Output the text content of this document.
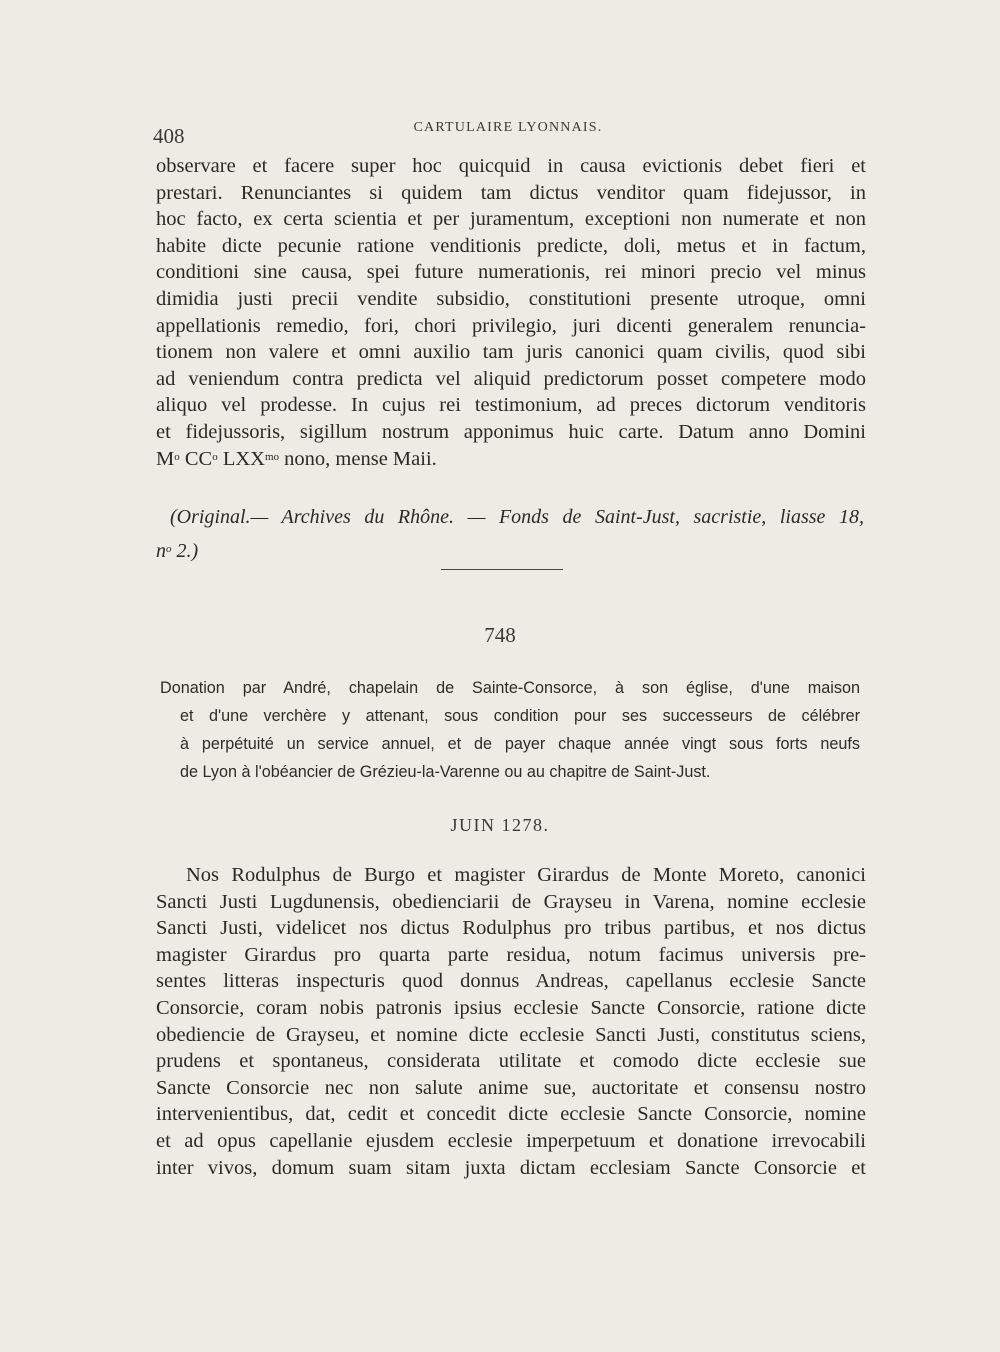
408	CARTULAIRE LYONNAIS.
observare et facere super hoc quicquid in causa evictionis debet fieri et
prestari. Renunciantes si quidem tam dictus venditor quam fidejussor, in
hoc facto, ex certa scientia et per juramentum, exceptioni non numerate et non
habite dicte pecunie ratione venditionis predicte, doli, metus et in factum,
conditioni sine causa, spei future numerationis, rei minori precio vel minus
dimidia justi precii vendite subsidio, constitutioni presente utroque, omni
appellationis remedio, fori, chori privilegio, juri dicenti generalem renuncia-
tionem non valere et omni auxilio tam juris canonici quam civilis, quod sibi
ad veniendum contra predicta vel aliquid predictorum posset competere modo
aliquo vel prodesse. In cujus rei testimonium, ad preces dictorum venditoris
et fidejussoris, sigillum nostrum apponimus huic carte. Datum anno Domini
$M^o$ $CC^o$ $LXX^{mo}$ nono, mense Maii.
(Original.— Archives du Rhône. — Fonds de Saint-Just, sacristie, liasse 18,
$n^o$ 2.)
748
Donation par André, chapelain de Sainte-Consorce, à son église, d'une maison
et d'une verchère y attenant, sous condition pour ses successeurs de célébrer
à perpétuité un service annuel, et de payer chaque année vingt sous forts neufs
de Lyon à l'obéancier de Grézieu-la-Varenne ou au chapitre de Saint-Just.
JUIN 1278.
Nos Rodulphus de Burgo et magister Girardus de Monte Moreto, canonici
Sancti Justi Lugdunensis, obedienciarii de Grayseu in Varena, nomine ecclesie
Sancti Justi, videlicet nos dictus Rodulphus pro tribus partibus, et nos dictus
magister Girardus pro quarta parte residua, notum facimus universis pre-
sentes litteras inspecturis quod donnus Andreas, capellanus ecclesie Sancte
Consorcie, coram nobis patronis ipsius ecclesie Sancte Consorcie, ratione dicte
obediencie de Grayseu, et nomine dicte ecclesie Sancti Justi, constitutus sciens,
prudens et spontaneus, considerata utilitate et comodo dicte ecclesie sue
Sancte Consorcie nec non salute anime sue, auctoritate et consensu nostro
intervenientibus, dat, cedit et concedit dicte ecclesie Sancte Consorcie, nomine
et ad opus capellanie ejusdem ecclesie imperpetuum et donatione irrevocabili
inter vivos, domum suam sitam juxta dictam ecclesiam Sancte Consorcie et
